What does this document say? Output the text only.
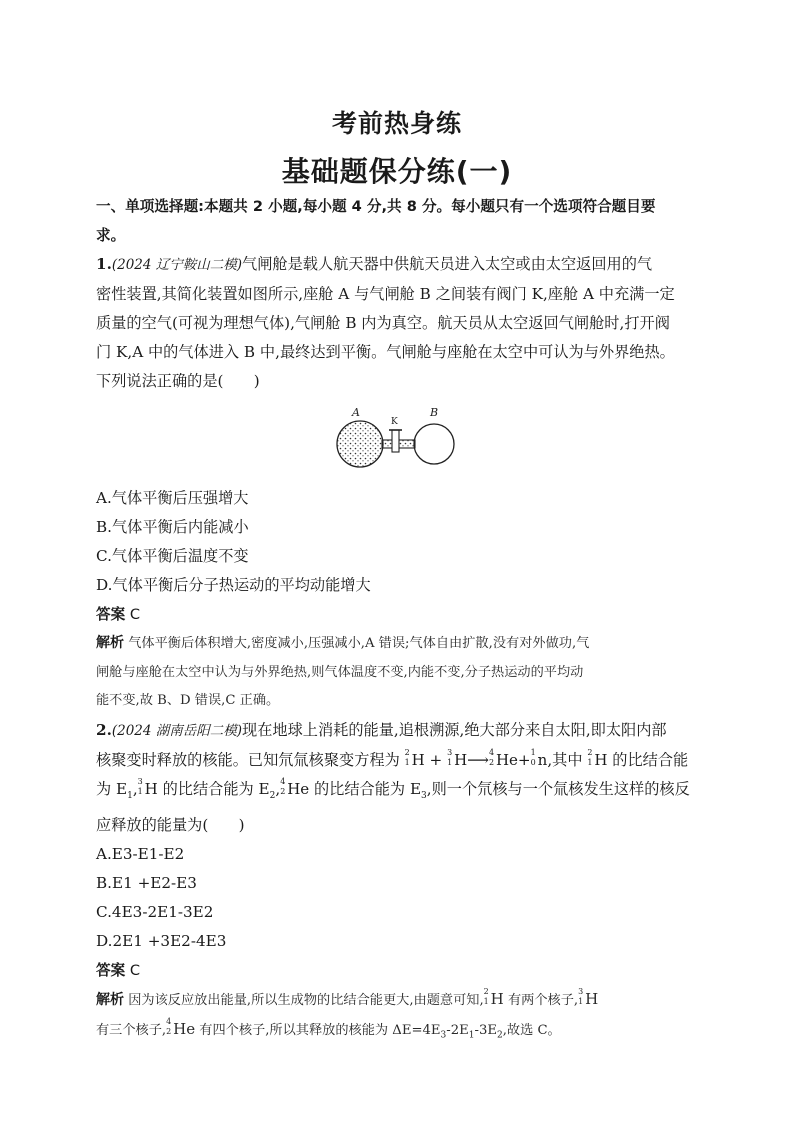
考前热身练
基础题保分练(一)

一、单项选择题:本题共 2 小题,每小题 4 分,共 8 分。每小题只有一个选项符合题目要

求。

1.(2024 辽宁鞍山二模)气闸舱是载人航天器中供航天员进入太空或由太空返回用的气

密性装置,其简化装置如图所示,座舱 A 与气闸舱 B 之间装有阀门 K,座舱 A 中充满一定

质量的空气(可视为理想气体),气闸舱 B 内为真空。航天员从太空返回气闸舱时,打开阀

门 K,A 中的气体进入 B 中,最终达到平衡。气闸舱与座舱在太空中可认为与外界绝热。

下列说法正确的是(　　)

A
K
B

A.气体平衡后压强增大

B.气体平衡后内能减小

C.气体平衡后温度不变

D.气体平衡后分子热运动的平均动能增大

答案 C

解析 气体平衡后体积增大,密度减小,压强减小,A 错误;气体自由扩散,没有对外做功,气

闸舱与座舱在太空中认为与外界绝热,则气体温度不变,内能不变,分子热运动的平均动

能不变,故 B、D 错误,C 正确。

2.(2024 湖南岳阳二模)现在地球上消耗的能量,追根溯源,绝大部分来自太阳,即太阳内部

核聚变时释放的核能。已知氘氚核聚变方程为 2
1 H + 3
1 H⟶ 4
2 He+ 1
0 n,其中 2
1 H 的比结合能

为 $E_1$, 3
1 H 的比结合能为 $E_2$, 4
2 He 的比结合能为 $E_3$,则一个氘核与一个氚核发生这样的核反

应释放的能量为(　　)

A.E3-E1-E2

B.E1 +E2-E3

C.4E3-2E1-3E2

D.2E1 +3E2-4E3

答案 C

解析 因为该反应放出能量,所以生成物的比结合能更大,由题意可知,
2
1 H 有两个核子,
3
1 H

有三个核子,
4
2 He 有四个核子,所以其释放的核能为 $\Delta E=4E_3-2E_1-3E_2$,故选 C。
